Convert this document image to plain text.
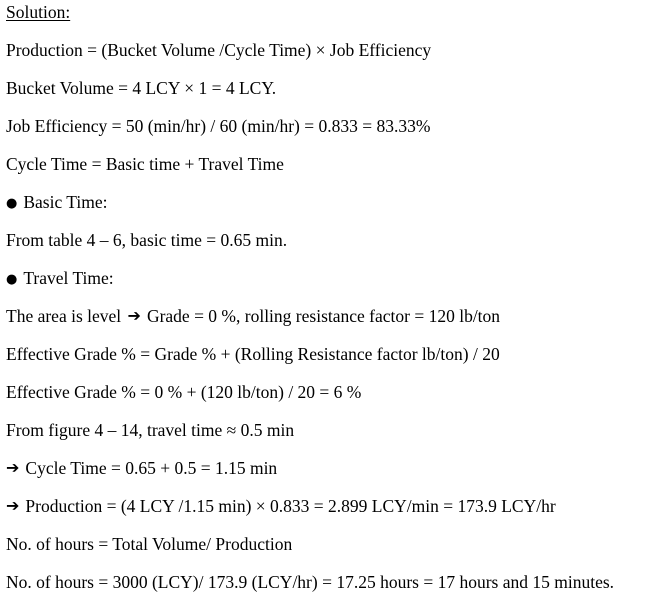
Solution:
Production = (Bucket Volume /Cycle Time) × Job Efficiency
Bucket Volume = 4 LCY × 1 = 4 LCY.
Job Efficiency = 50 (min/hr) / 60 (min/hr) = 0.833 = 83.33%
Cycle Time = Basic time + Travel Time
● Basic Time:
From table 4 – 6, basic time = 0.65 min.
● Travel Time:
The area is level ➔ Grade = 0 %, rolling resistance factor = 120 lb/ton
Effective Grade % = Grade % + (Rolling Resistance factor lb/ton) / 20
Effective Grade % = 0 % + (120 lb/ton) / 20 = 6 %
From figure 4 – 14, travel time ≈ 0.5 min
➔ Cycle Time = 0.65 + 0.5 = 1.15 min
➔ Production = (4 LCY /1.15 min) × 0.833 = 2.899 LCY/min = 173.9 LCY/hr
No. of hours = Total Volume/ Production
No. of hours = 3000 (LCY)/ 173.9 (LCY/hr) = 17.25 hours = 17 hours and 15 minutes.
